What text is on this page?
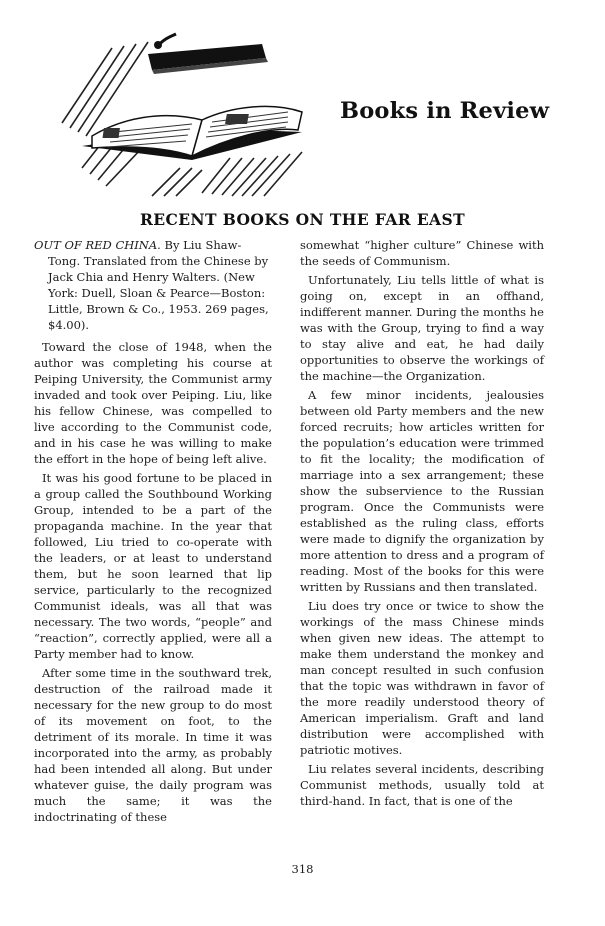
Books in Review
RECENT BOOKS ON THE FAR EAST
OUT OF RED CHINA. By Liu Shaw-
Tong. Translated from the Chinese by
Jack Chia and Henry Walters. (New
York: Duell, Sloan & Pearce—Boston:
Little, Brown & Co., 1953. 269 pages,
$4.00).

Toward the close of 1948, when the author was completing his course at Peiping University, the Communist army invaded and took over Peiping. Liu, like his fellow Chinese, was compelled to live according to the Communist code, and in his case he was willing to make the effort in the hope of being left alive.

It was his good fortune to be placed in a group called the Southbound Working Group, intended to be a part of the propaganda machine. In the year that followed, Liu tried to co-operate with the leaders, or at least to understand them, but he soon learned that lip service, particularly to the recognized Communist ideals, was all that was necessary. The two words, “people” and “reaction”, correctly applied, were all a Party member had to know.

After some time in the southward trek, destruction of the railroad made it necessary for the new group to do most of its movement on foot, to the detriment of its morale. In time it was incorporated into the army, as probably had been intended all along. But under whatever guise, the daily program was much the same; it was the indoctrinating of these

somewhat “higher culture” Chinese with the seeds of Communism.

Unfortunately, Liu tells little of what is going on, except in an offhand, indifferent manner. During the months he was with the Group, trying to find a way to stay alive and eat, he had daily opportunities to observe the workings of the machine—the Organization.

A few minor incidents, jealousies between old Party members and the new forced recruits; how articles written for the population’s education were trimmed to fit the locality; the modification of marriage into a sex arrangement; these show the subservience to the Russian program. Once the Communists were established as the ruling class, efforts were made to dignify the organization by more attention to dress and a program of reading. Most of the books for this were written by Russians and then translated.

Liu does try once or twice to show the workings of the mass Chinese minds when given new ideas. The attempt to make them understand the monkey and man concept resulted in such confusion that the topic was withdrawn in favor of the more readily understood theory of American imperialism. Graft and land distribution were accomplished with patriotic motives.

Liu relates several incidents, describing Communist methods, usually told at third-hand. In fact, that is one of the

318
